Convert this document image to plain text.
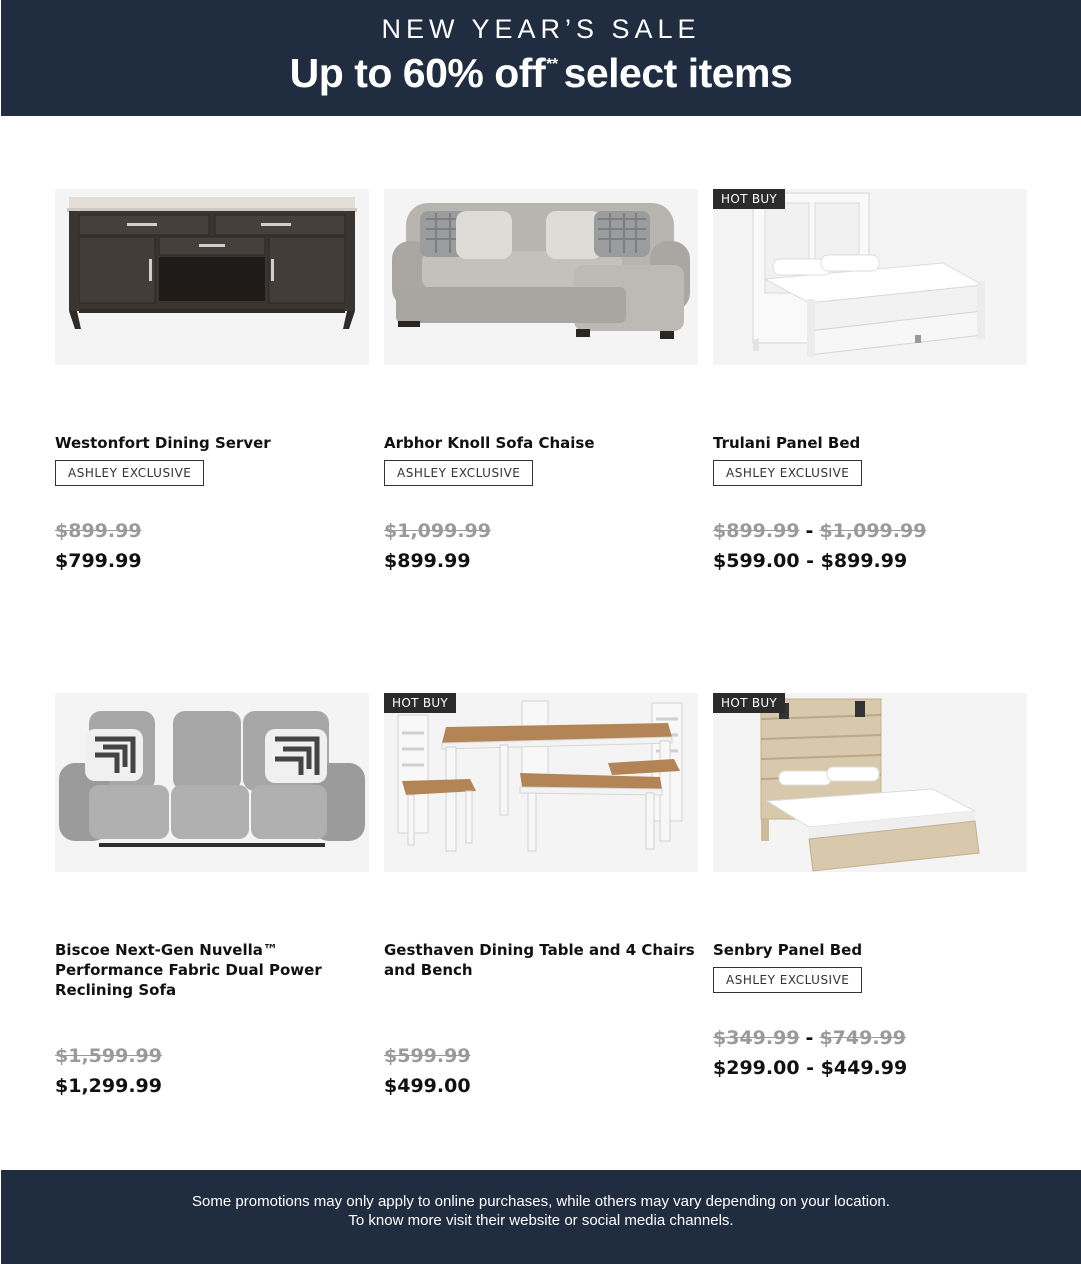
NEW YEAR’S SALE
Up to 60% off** select items
Westonfort Dining Server
ASHLEY EXCLUSIVE
$899.99
$799.99
Arbhor Knoll Sofa Chaise
ASHLEY EXCLUSIVE
$1,099.99
$899.99
HOT BUY
Trulani Panel Bed
ASHLEY EXCLUSIVE
$899.99 - $1,099.99
$599.00 - $899.99
Biscoe Next-Gen Nuvella™ Performance Fabric Dual Power Reclining Sofa
$1,599.99
$1,299.99
HOT BUY
Gesthaven Dining Table and 4 Chairs and Bench
$599.99
$499.00
HOT BUY
Senbry Panel Bed
ASHLEY EXCLUSIVE
$349.99 - $749.99
$299.00 - $449.99
Some promotions may only apply to online purchases, while others may vary depending on your location.
To know more visit their website or social media channels.
